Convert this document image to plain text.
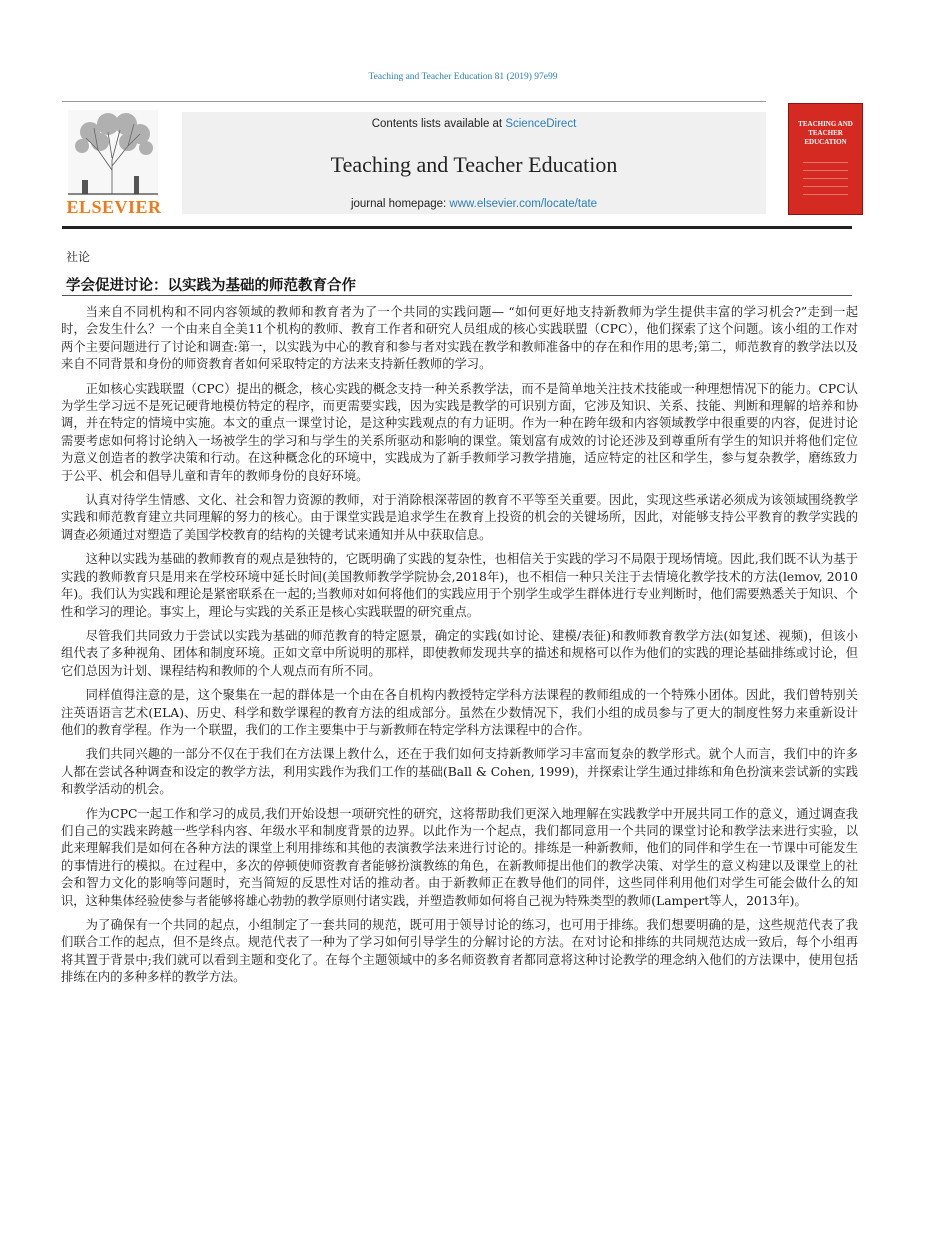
Teaching and Teacher Education 81 (2019) 97e99
ELSEVIER
Contents lists available at ScienceDirect
Teaching and Teacher Education
journal homepage: www.elsevier.com/locate/tate
TEACHING AND TEACHER EDUCATION
社论
学会促进讨论：以实践为基础的师范教育合作

当来自不同机构和不同内容领域的教师和教育者为了一个共同的实践问题— “如何更好地支持新教师为学生提供丰富的学习机会?”走到一起时，会发生什么？一个由来自全美11个机构的教师、教育工作者和研究人员组成的核心实践联盟（CPC），他们探索了这个问题。该小组的工作对两个主要问题进行了讨论和调查:第一，以实践为中心的教育和参与者对实践在教学和教师准备中的存在和作用的思考;第二，师范教育的教学法以及来自不同背景和身份的师资教育者如何采取特定的方法来支持新任教师的学习。

正如核心实践联盟（CPC）提出的概念，核心实践的概念支持一种关系教学法，而不是简单地关注技术技能或一种理想情况下的能力。CPC认为学生学习远不是死记硬背地模仿特定的程序，而更需要实践，因为实践是教学的可识别方面，它涉及知识、关系、技能、判断和理解的培养和协调，并在特定的情境中实施。本文的重点一课堂讨论，是这种实践观点的有力证明。作为一种在跨年级和内容领域教学中很重要的内容，促进讨论需要考虑如何将讨论纳入一场被学生的学习和与学生的关系所驱动和影响的课堂。策划富有成效的讨论还涉及到尊重所有学生的知识并将他们定位为意义创造者的教学决策和行动。在这种概念化的环境中，实践成为了新手教师学习教学措施，适应特定的社区和学生，参与复杂教学，磨练致力于公平、机会和倡导儿童和青年的教师身份的良好环境。

认真对待学生情感、文化、社会和智力资源的教师，对于消除根深蒂固的教育不平等至关重要。因此，实现这些承诺必须成为该领域围绕教学实践和师范教育建立共同理解的努力的核心。由于课堂实践是追求学生在教育上投资的机会的关键场所，因此，对能够支持公平教育的教学实践的调查必须通过对塑造了美国学校教育的结构的关键考试来通知并从中获取信息。

这种以实践为基础的教师教育的观点是独特的，它既明确了实践的复杂性，也相信关于实践的学习不局限于现场情境。因此,我们既不认为基于实践的教师教育只是用来在学校环境中延长时间(美国教师教学学院协会,2018年)，也不相信一种只关注于去情境化教学技术的方法(lemov, 2010年)。我们认为实践和理论是紧密联系在一起的;当教师对如何将他们的实践应用于个别学生或学生群体进行专业判断时，他们需要熟悉关于知识、个性和学习的理论。事实上，理论与实践的关系正是核心实践联盟的研究重点。

尽管我们共同致力于尝试以实践为基础的师范教育的特定愿景，确定的实践(如讨论、建模/表征)和教师教育教学方法(如复述、视频)，但该小组代表了多种视角、团体和制度环境。正如文章中所说明的那样，即使教师发现共享的描述和规格可以作为他们的实践的理论基础排练或讨论，但它们总因为计划、课程结构和教师的个人观点而有所不同。

同样值得注意的是，这个聚集在一起的群体是一个由在各自机构内教授特定学科方法课程的教师组成的一个特殊小团体。因此，我们曾特别关注英语语言艺术(ELA)、历史、科学和数学课程的教育方法的组成部分。虽然在少数情况下，我们小组的成员参与了更大的制度性努力来重新设计他们的教育学程。作为一个联盟，我们的工作主要集中于与新教师在特定学科方法课程中的合作。

我们共同兴趣的一部分不仅在于我们在方法课上教什么，还在于我们如何支持新教师学习丰富而复杂的教学形式。就个人而言，我们中的许多人都在尝试各种调查和设定的教学方法，利用实践作为我们工作的基础(Ball & Cohen, 1999)，并探索让学生通过排练和角色扮演来尝试新的实践和教学活动的机会。

作为CPC一起工作和学习的成员,我们开始设想一项研究性的研究，这将帮助我们更深入地理解在实践教学中开展共同工作的意义，通过调查我们自己的实践来跨越一些学科内容、年级水平和制度背景的边界。以此作为一个起点，我们都同意用一个共同的课堂讨论和教学法来进行实验，以此来理解我们是如何在各种方法的课堂上利用排练和其他的表演教学法来进行讨论的。排练是一种新教师，他们的同伴和学生在一节课中可能发生的事情进行的模拟。在过程中，多次的停顿使师资教育者能够扮演教练的角色，在新教师提出他们的教学决策、对学生的意义构建以及课堂上的社会和智力文化的影响等问题时，充当简短的反思性对话的推动者。由于新教师正在教导他们的同伴，这些同伴利用他们对学生可能会做什么的知识，这种集体经验使参与者能够将雄心勃勃的教学原则付诸实践，并塑造教师如何将自己视为特殊类型的教师(Lampert等人，2013年)。

为了确保有一个共同的起点，小组制定了一套共同的规范，既可用于领导讨论的练习，也可用于排练。我们想要明确的是，这些规范代表了我们联合工作的起点，但不是终点。规范代表了一种为了学习如何引导学生的分解讨论的方法。在对讨论和排练的共同规范达成一致后，每个小组再将其置于背景中;我们就可以看到主题和变化了。在每个主题领域中的多名师资教育者都同意将这种讨论教学的理念纳入他们的方法课中，使用包括排练在内的多种多样的教学方法。
